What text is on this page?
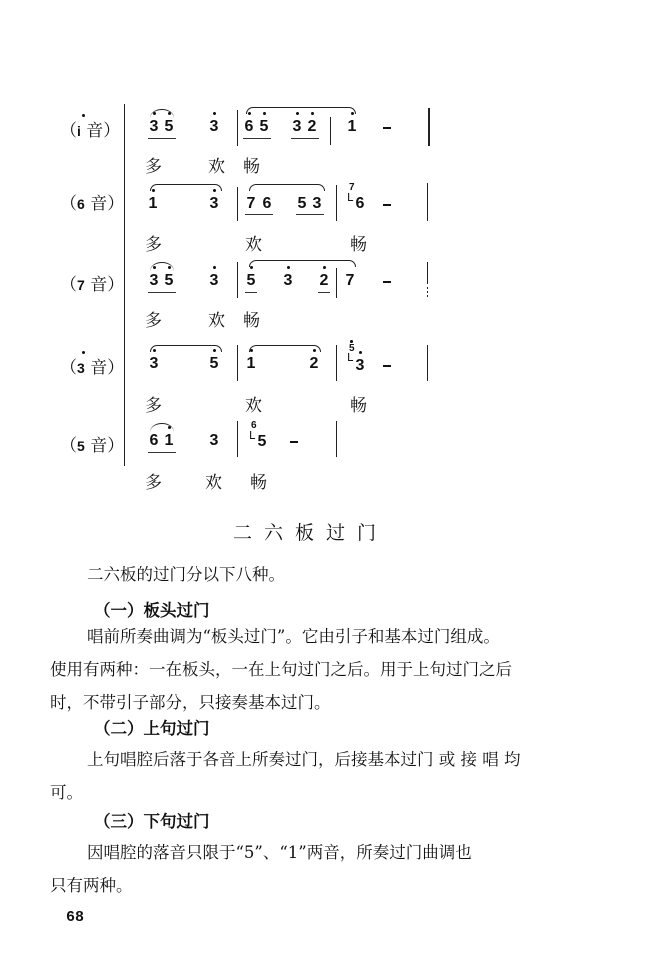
（i 音）
（6 音）
（7 音）
（3 音）
（5 音）
3 5 3 6 5 3 2 1
多	欢 畅
1	3 7 6 5 3
7
ᒪ 6
多	欢	畅
3 5 3 5 3 2 7
多	欢 畅
3	5 1	2
5
ᒪ 3
多	欢	畅
6 1 3
6
ᒪ 5
多	欢 畅
二六板过门
二六板的过门分以下八种。
（一）板头过门
唱前所奏曲调为“板头过门”。它由引子和基本过门组成。
使用有两种：一在板头，一在上句过门之后。用于上句过门之后
时，不带引子部分，只接奏基本过门。
（二）上句过门
上句唱腔后落于各音上所奏过门，后接基本过门 或 接 唱 均
可。
（三）下句过门
因唱腔的落音只限于“5”、“1”两音，所奏过门曲调也
只有两种。
68
